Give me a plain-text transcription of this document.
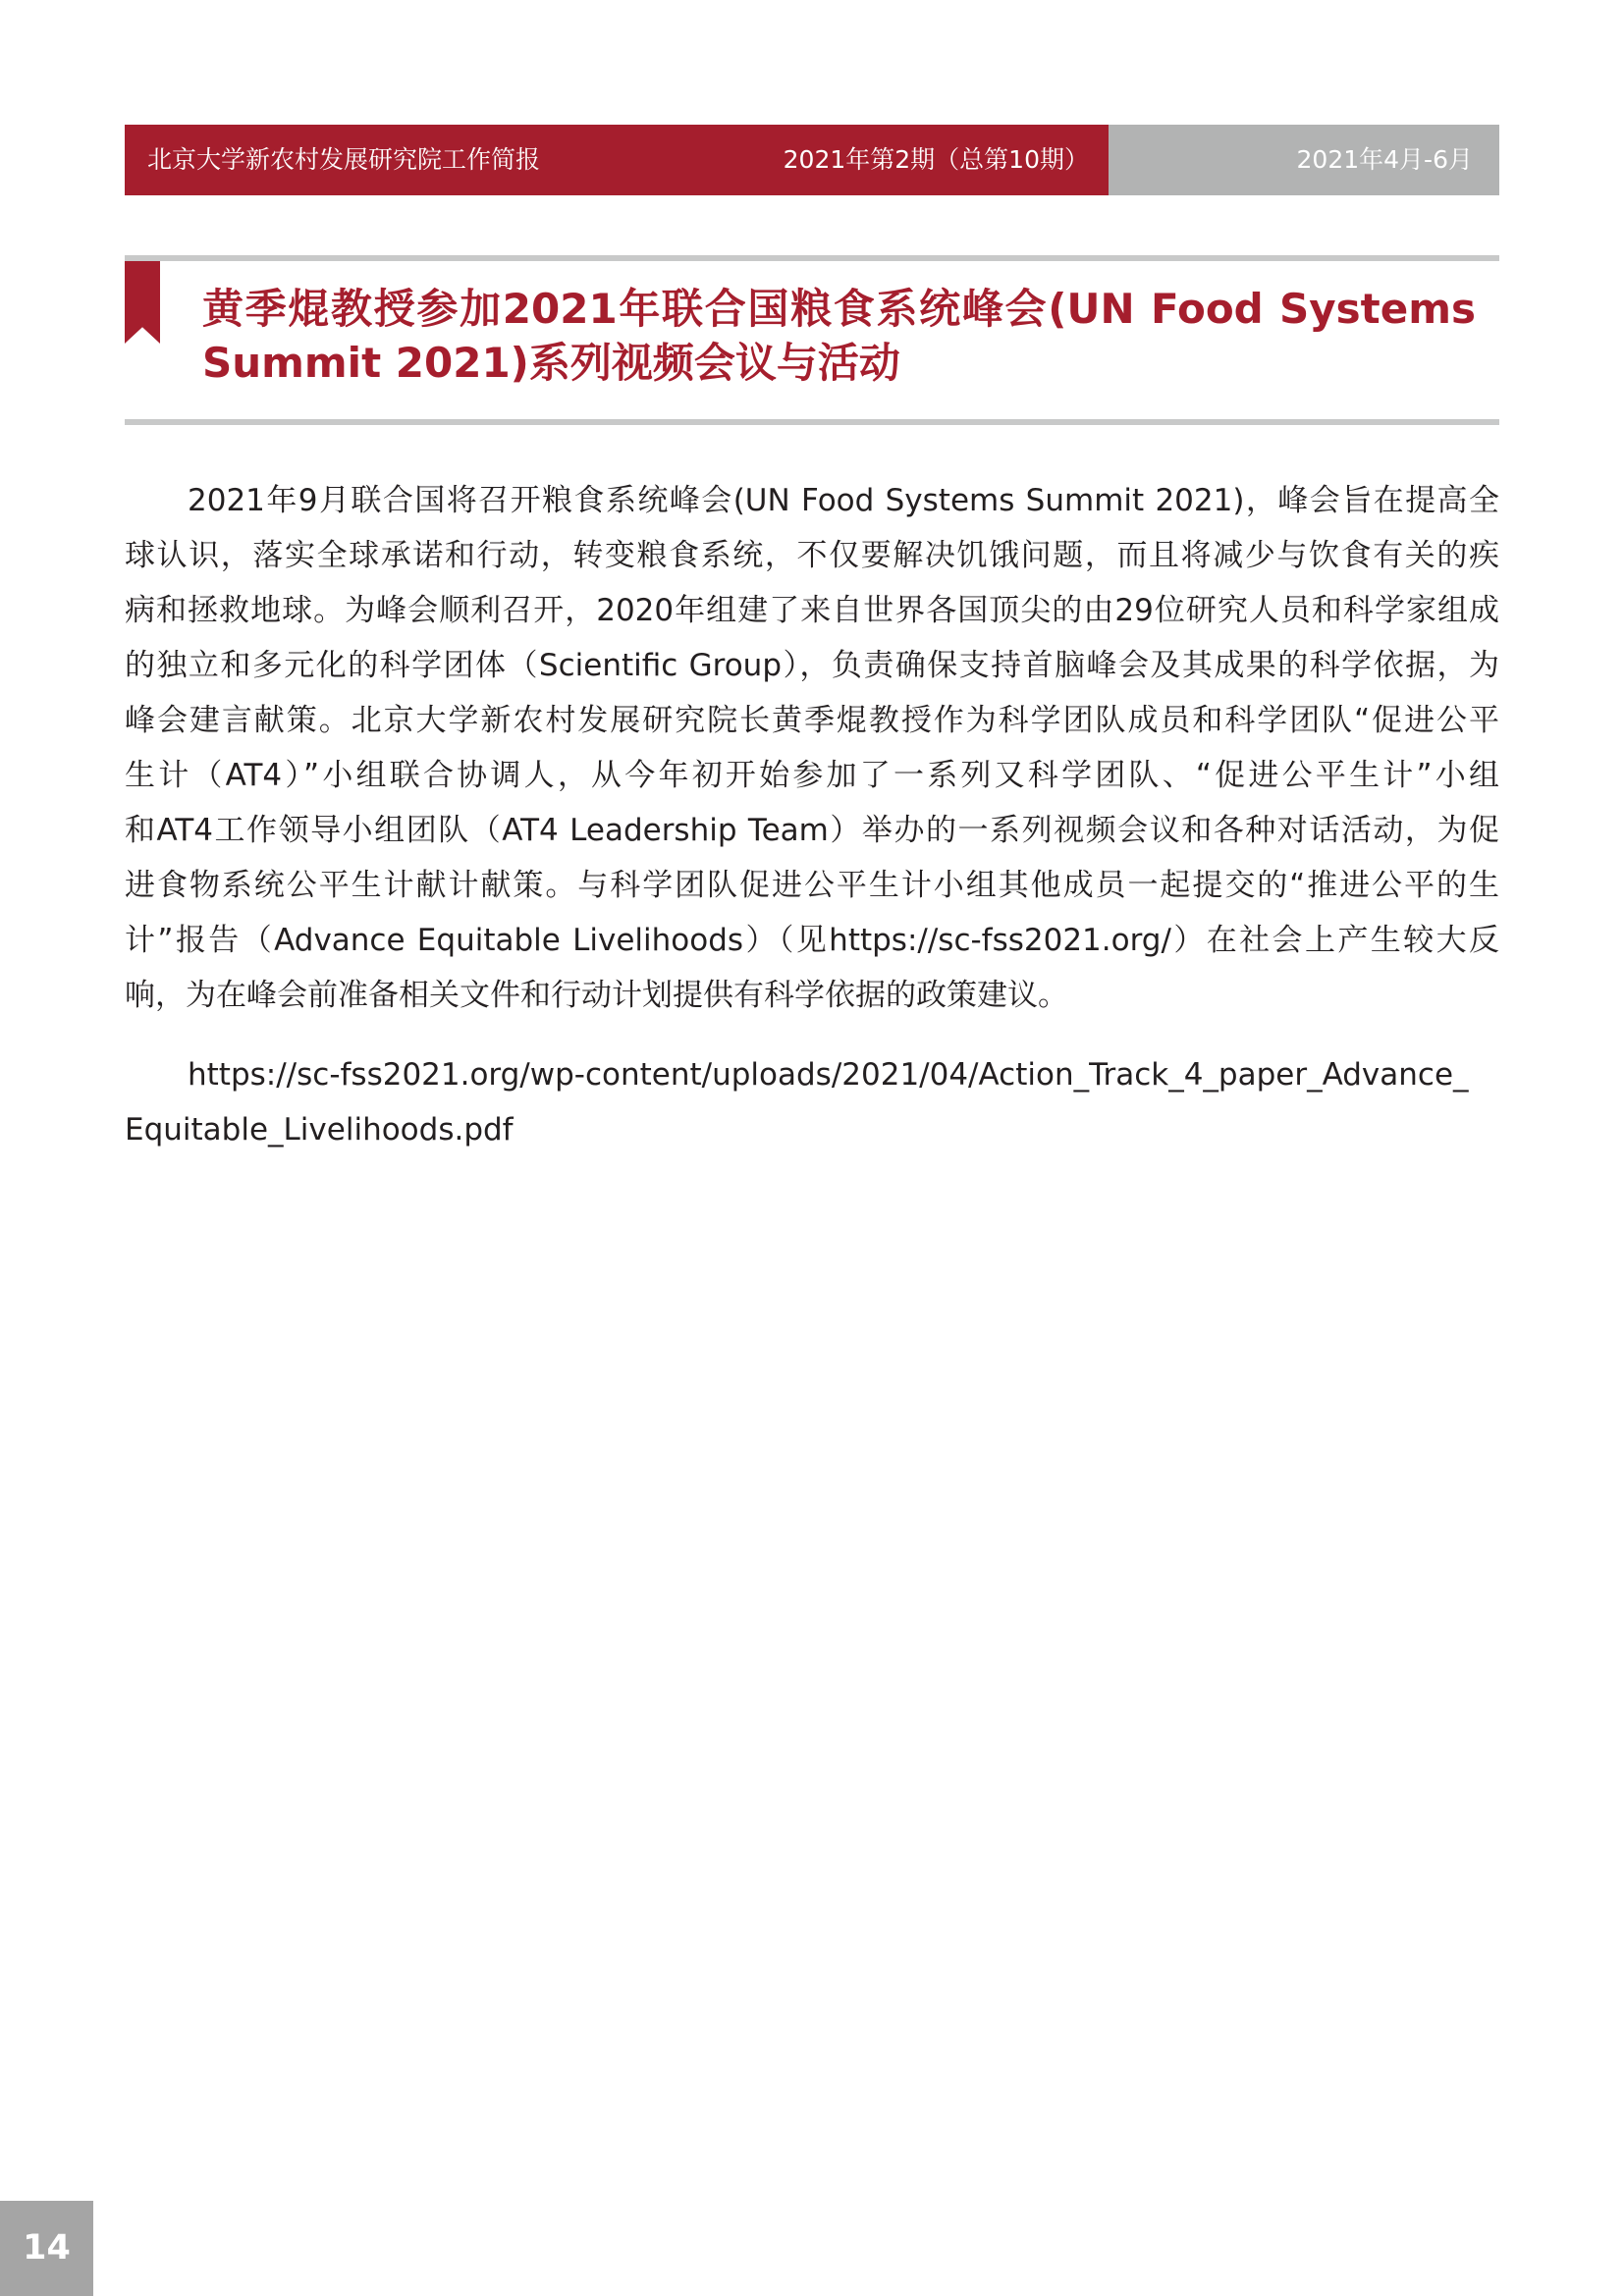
北京大学新农村发展研究院工作简报	2021年第2期（总第10期）	2021年4月-6月
黄季焜教授参加2021年联合国粮食系统峰会(UN Food Systems
Summit 2021)系列视频会议与活动
2021年9月联合国将召开粮食系统峰会(UN Food Systems Summit 2021)，峰会旨在提高全
球认识，落实全球承诺和行动，转变粮食系统，不仅要解决饥饿问题，而且将减少与饮食有关的疾
病和拯救地球。为峰会顺利召开，2020年组建了来自世界各国顶尖的由29位研究人员和科学家组成
的独立和多元化的科学团体（Scientific Group），负责确保支持首脑峰会及其成果的科学依据，为
峰会建言献策。北京大学新农村发展研究院长黄季焜教授作为科学团队成员和科学团队“促进公平
生计（AT4）”小组联合协调人，从今年初开始参加了一系列又科学团队、“促进公平生计”小组
和AT4工作领导小组团队（AT4 Leadership Team）举办的一系列视频会议和各种对话活动，为促
进食物系统公平生计献计献策。与科学团队促进公平生计小组其他成员一起提交的“推进公平的生
计”报告（Advance Equitable Livelihoods）（见https://sc-fss2021.org/）在社会上产生较大反
响，为在峰会前准备相关文件和行动计划提供有科学依据的政策建议。
https://sc-fss2021.org/wp-content/uploads/2021/04/Action_Track_4_paper_Advance_
Equitable_Livelihoods.pdf
14
